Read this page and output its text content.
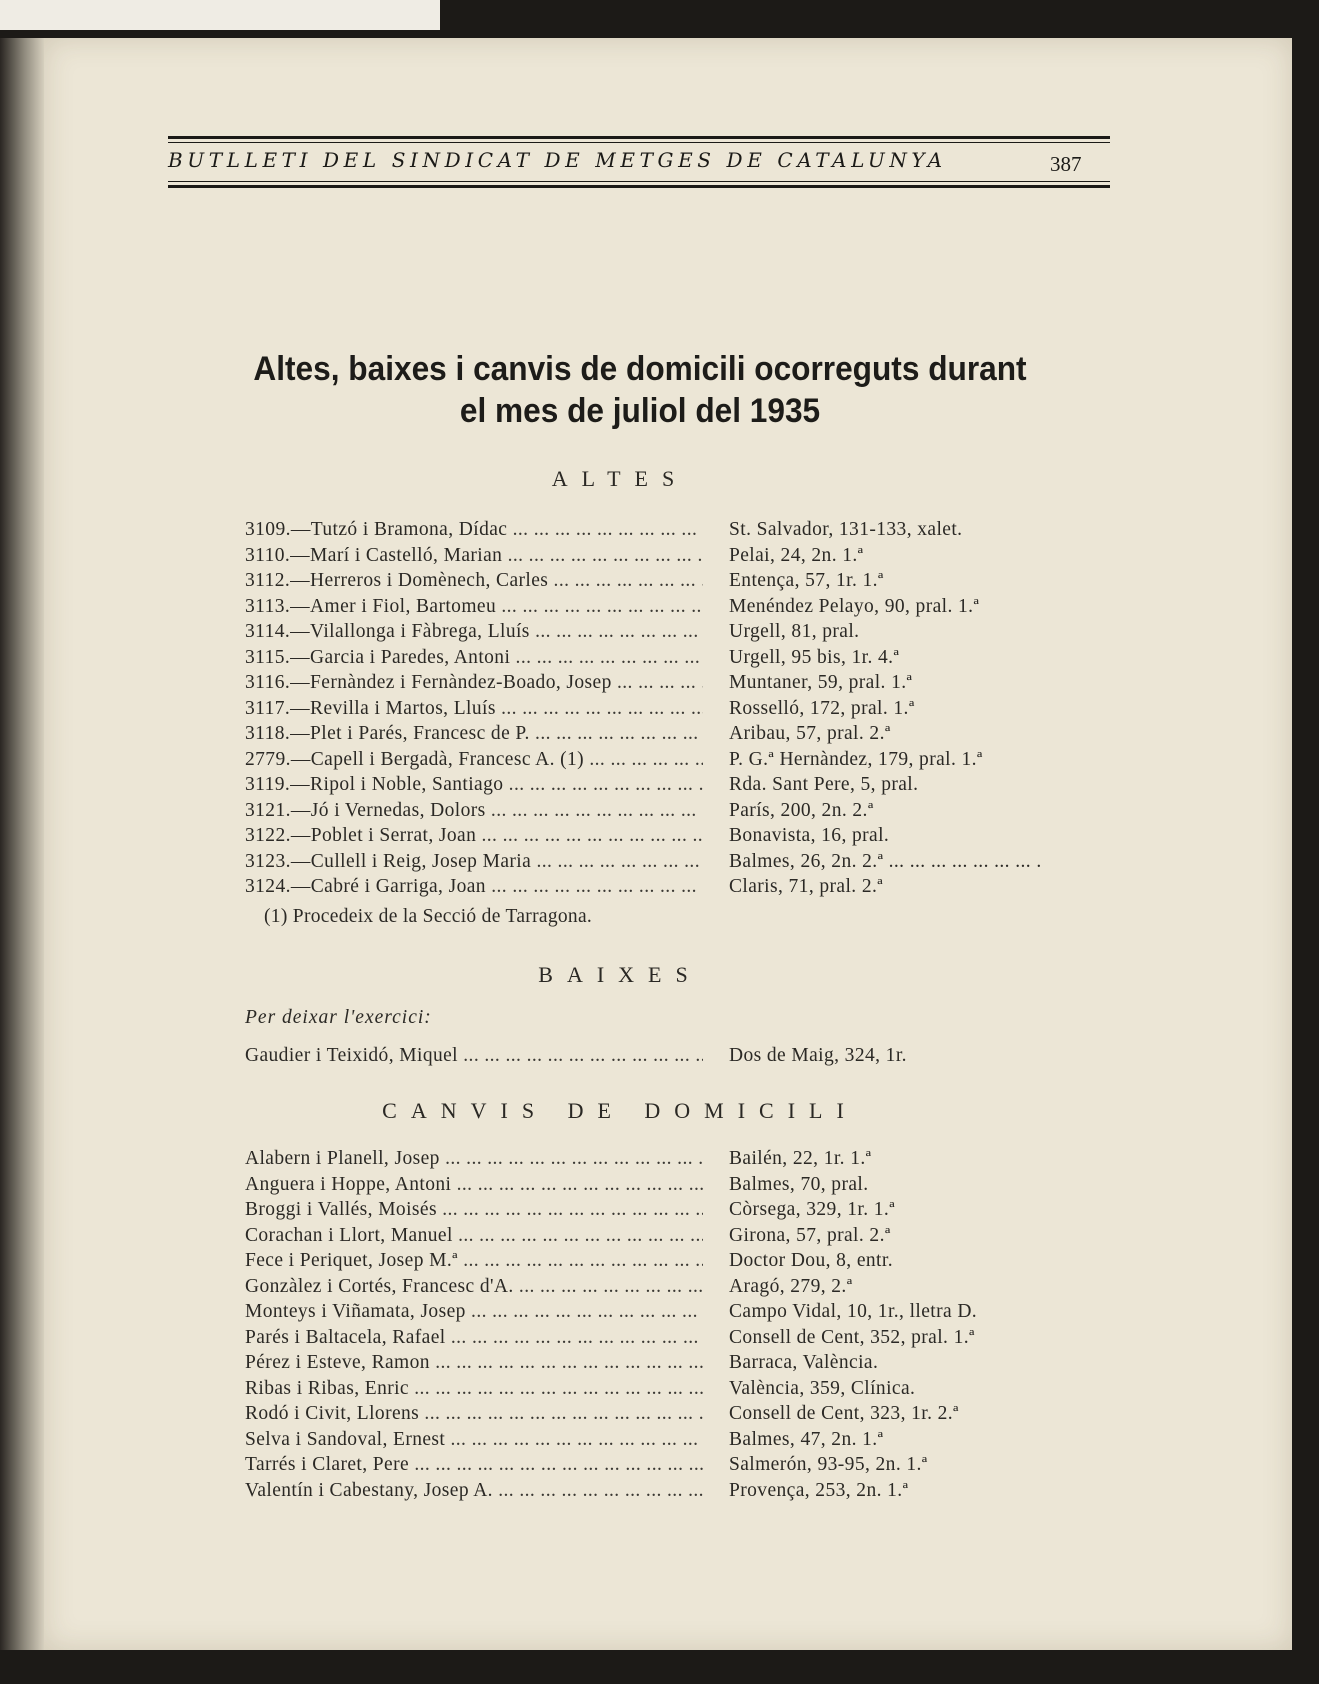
BUTLLETI DEL SINDICAT DE METGES DE CATALUNYA	387
Altes, baixes i canvis de domicili ocorreguts durant
el mes de juliol del 1935
ALTES
3109.—Tutzó i Bramona, Dídac ... .	St. Salvador, 131-133, xalet.
3110.—Marí i Castelló, Marian ... .	Pelai, 24, 2n. 1.ª
3112.—Herreros i Domènech, Carles ... .	Entença, 57, 1r. 1.ª
3113.—Amer i Fiol, Bartomeu ... .	Menéndez Pelayo, 90, pral. 1.ª
3114.—Vilallonga i Fàbrega, Lluís ... .	Urgell, 81, pral.
3115.—Garcia i Paredes, Antoni ... .	Urgell, 95 bis, 1r. 4.ª
3116.—Fernàndez i Fernàndez-Boado, Josep ... .	Muntaner, 59, pral. 1.ª
3117.—Revilla i Martos, Lluís ... .	Rosselló, 172, pral. 1.ª
3118.—Plet i Parés, Francesc de P. ... .	Aribau, 57, pral. 2.ª
2779.—Capell i Bergadà, Francesc A. (1) ... .	P. G.ª Hernàndez, 179, pral. 1.ª
3119.—Ripol i Noble, Santiago ... .	Rda. Sant Pere, 5, pral.
3121.—Jó i Vernedas, Dolors ... .	París, 200, 2n. 2.ª
3122.—Poblet i Serrat, Joan ... .	Bonavista, 16, pral.
3123.—Cullell i Reig, Josep Maria ... .	Balmes, 26, 2n. 2.ª ... ... ... ... ... ... ... .
3124.—Cabré i Garriga, Joan ... .	Claris, 71, pral. 2.ª
(1) Procedeix de la Secció de Tarragona.
BAIXES
Per deixar l'exercici:
Gaudier i Teixidó, Miquel ... .	Dos de Maig, 324, 1r.
CANVIS DE DOMICILI
Alabern i Planell, Josep ... .	Bailén, 22, 1r. 1.ª
Anguera i Hoppe, Antoni ... .	Balmes, 70, pral.
Broggi i Vallés, Moisés ... .	Còrsega, 329, 1r. 1.ª
Corachan i Llort, Manuel ... .	Girona, 57, pral. 2.ª
Fece i Periquet, Josep M.ª ... .	Doctor Dou, 8, entr.
Gonzàlez i Cortés, Francesc d'A. ... .	Aragó, 279, 2.ª
Monteys i Viñamata, Josep ... .	Campo Vidal, 10, 1r., lletra D.
Parés i Baltacela, Rafael ... .	Consell de Cent, 352, pral. 1.ª
Pérez i Esteve, Ramon ... .	Barraca, València.
Ribas i Ribas, Enric ... .	València, 359, Clínica.
Rodó i Civit, Llorens ... .	Consell de Cent, 323, 1r. 2.ª
Selva i Sandoval, Ernest ... .	Balmes, 47, 2n. 1.ª
Tarrés i Claret, Pere ... .	Salmerón, 93-95, 2n. 1.ª
Valentín i Cabestany, Josep A. ... .	Provença, 253, 2n. 1.ª
